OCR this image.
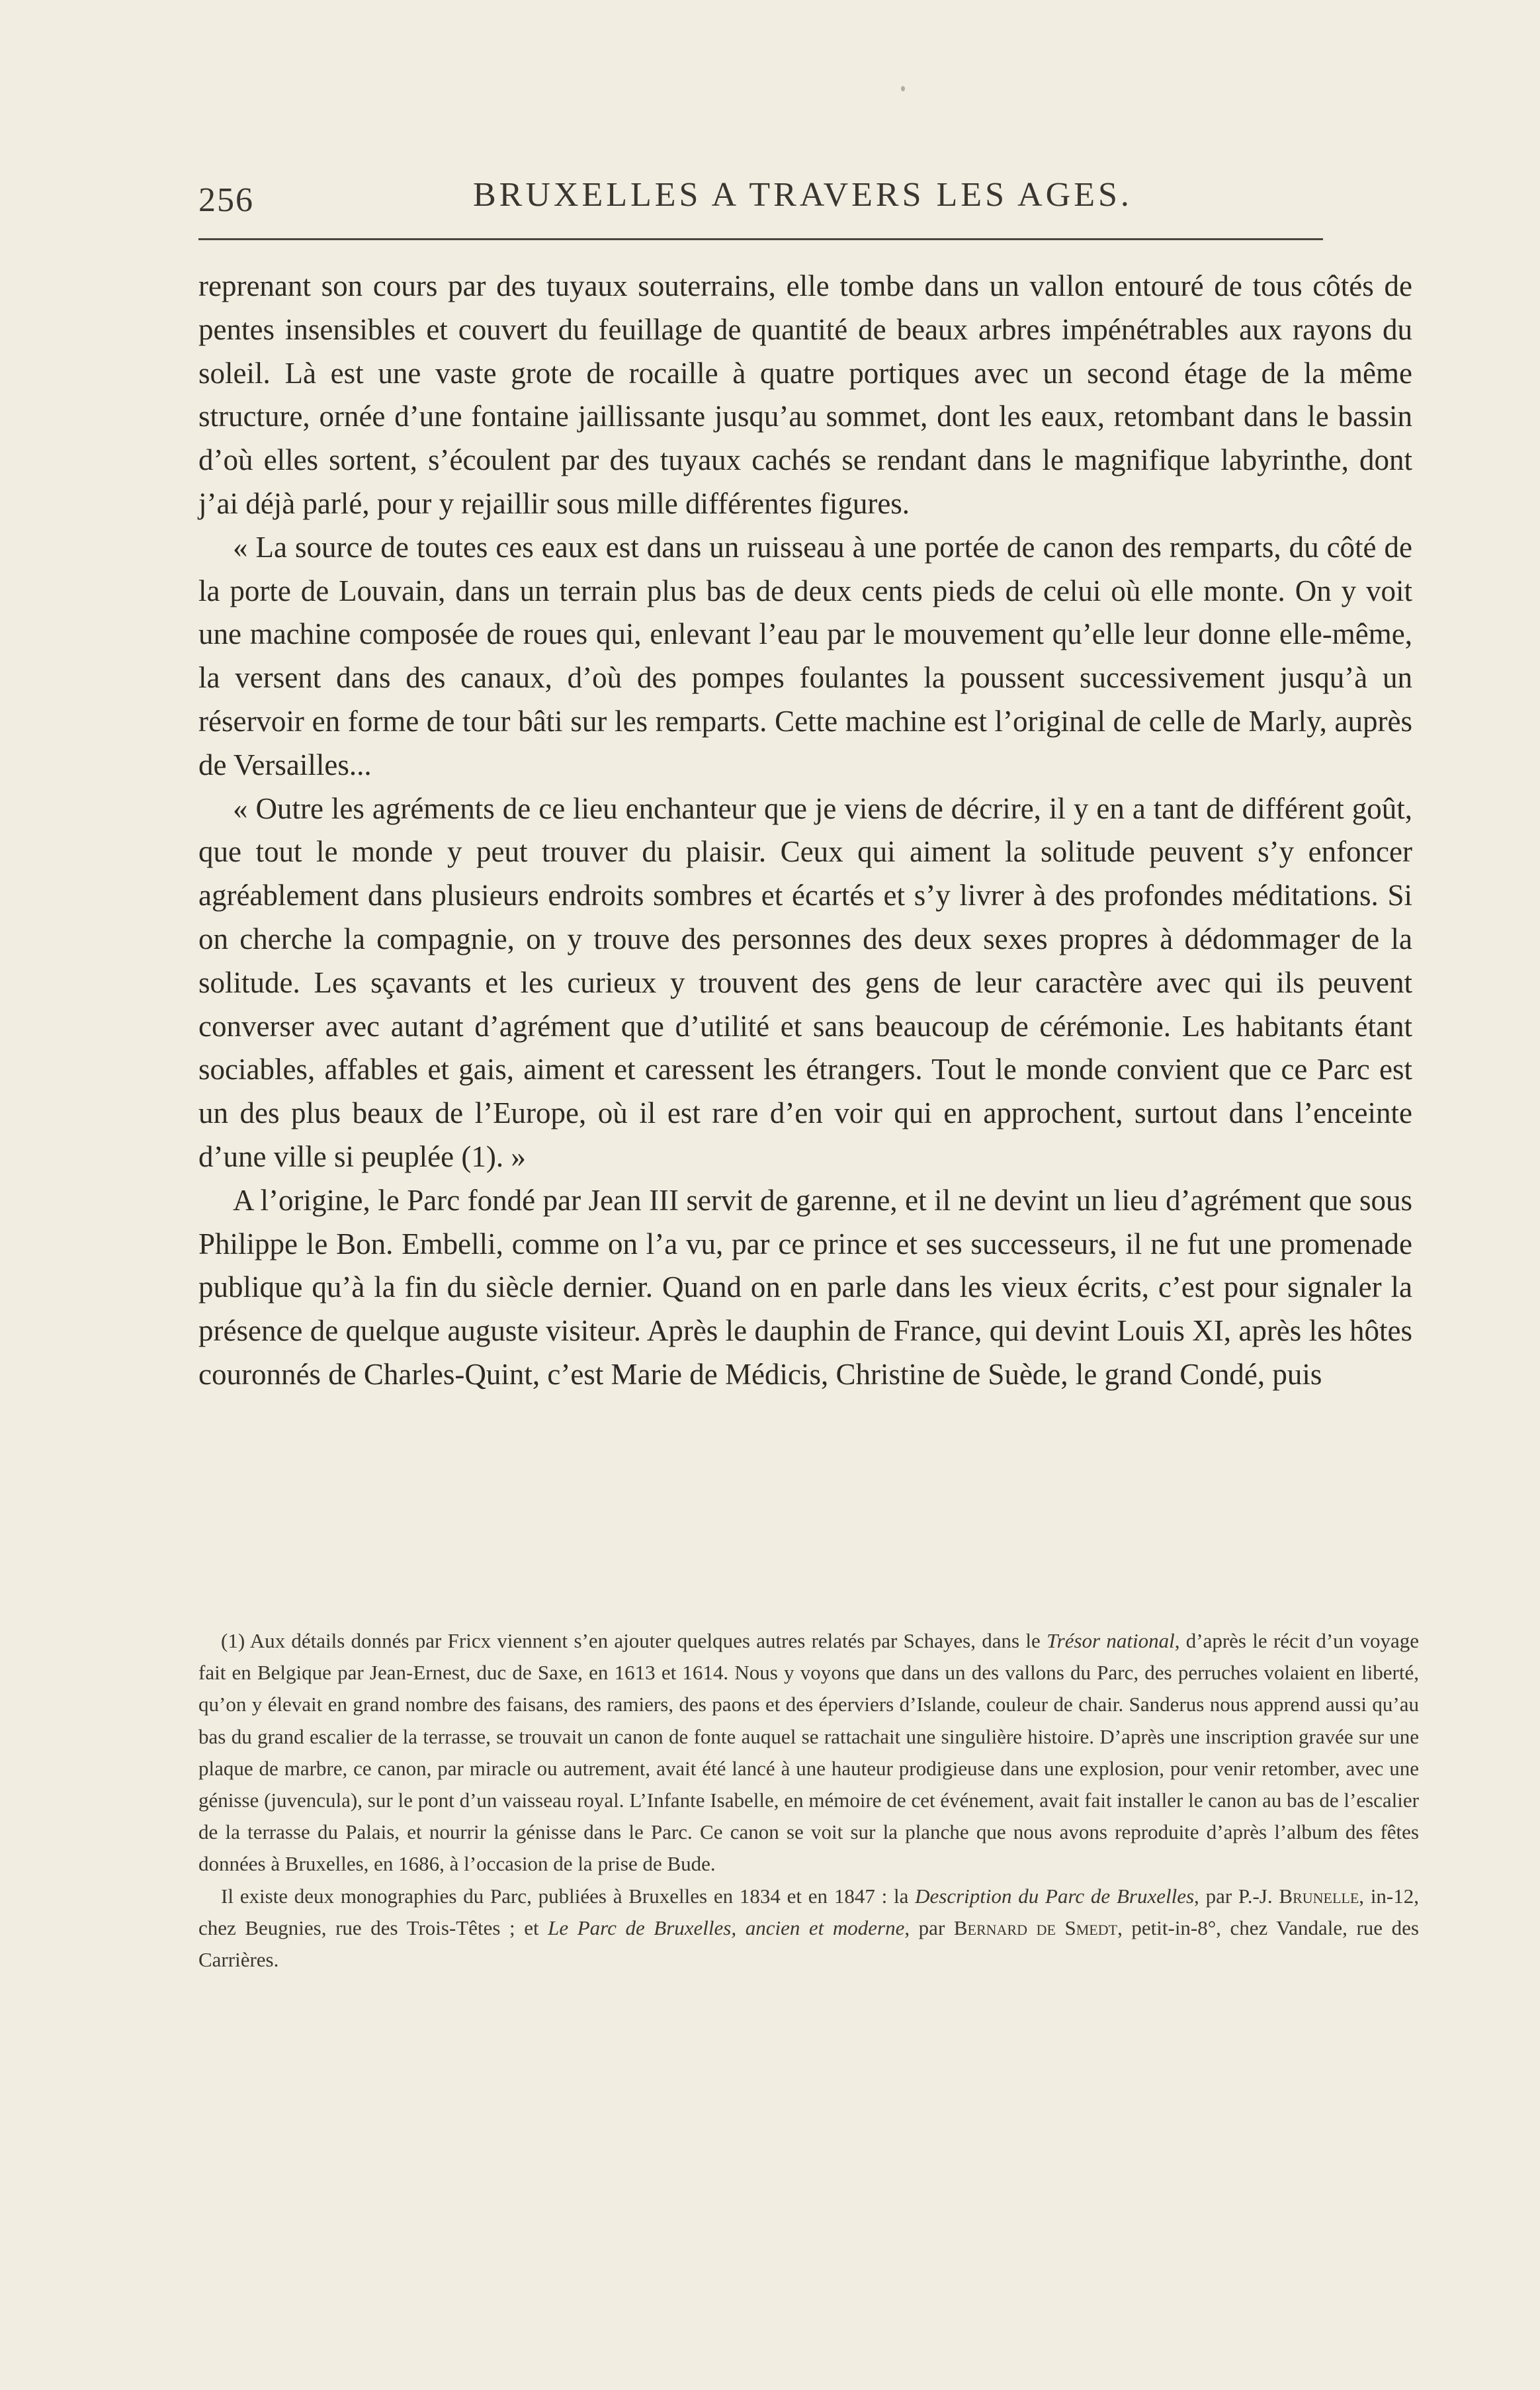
256	BRUXELLES A TRAVERS LES AGES.

reprenant son cours par des tuyaux souterrains, elle tombe dans un vallon entouré de tous côtés de pentes insensibles et couvert du feuillage de quantité de beaux arbres impénétrables aux rayons du soleil. Là est une vaste grote de rocaille à quatre portiques avec un second étage de la même structure, ornée d’une fontaine jaillissante jusqu’au sommet, dont les eaux, retombant dans le bassin d’où elles sortent, s’écoulent par des tuyaux cachés se rendant dans le magnifique labyrinthe, dont j’ai déjà parlé, pour y rejaillir sous mille différentes figures.

« La source de toutes ces eaux est dans un ruisseau à une portée de canon des remparts, du côté de la porte de Louvain, dans un terrain plus bas de deux cents pieds de celui où elle monte. On y voit une machine composée de roues qui, enlevant l’eau par le mouvement qu’elle leur donne elle-même, la versent dans des canaux, d’où des pompes foulantes la poussent successivement jusqu’à un réservoir en forme de tour bâti sur les remparts. Cette machine est l’original de celle de Marly, auprès de Versailles...

« Outre les agréments de ce lieu enchanteur que je viens de décrire, il y en a tant de différent goût, que tout le monde y peut trouver du plaisir. Ceux qui aiment la solitude peuvent s’y enfoncer agréablement dans plusieurs endroits sombres et écartés et s’y livrer à des profondes méditations. Si on cherche la compagnie, on y trouve des personnes des deux sexes propres à dédommager de la solitude. Les sçavants et les curieux y trouvent des gens de leur caractère avec qui ils peuvent converser avec autant d’agrément que d’utilité et sans beaucoup de cérémonie. Les habitants étant sociables, affables et gais, aiment et caressent les étrangers. Tout le monde convient que ce Parc est un des plus beaux de l’Europe, où il est rare d’en voir qui en approchent, surtout dans l’enceinte d’une ville si peuplée (1). »

A l’origine, le Parc fondé par Jean III servit de garenne, et il ne devint un lieu d’agrément que sous Philippe le Bon. Embelli, comme on l’a vu, par ce prince et ses successeurs, il ne fut une promenade publique qu’à la fin du siècle dernier. Quand on en parle dans les vieux écrits, c’est pour signaler la présence de quelque auguste visiteur. Après le dauphin de France, qui devint Louis XI, après les hôtes couronnés de Charles-Quint, c’est Marie de Médicis, Christine de Suède, le grand Condé, puis

(1) Aux détails donnés par Fricx viennent s’en ajouter quelques autres relatés par Schayes, dans le Trésor national, d’après le récit d’un voyage fait en Belgique par Jean-Ernest, duc de Saxe, en 1613 et 1614. Nous y voyons que dans un des vallons du Parc, des perruches volaient en liberté, qu’on y élevait en grand nombre des faisans, des ramiers, des paons et des éperviers d’Islande, couleur de chair. Sanderus nous apprend aussi qu’au bas du grand escalier de la terrasse, se trouvait un canon de fonte auquel se rattachait une singulière histoire. D’après une inscription gravée sur une plaque de marbre, ce canon, par miracle ou autrement, avait été lancé à une hauteur prodigieuse dans une explosion, pour venir retomber, avec une génisse (juvencula), sur le pont d’un vaisseau royal. L’Infante Isabelle, en mémoire de cet événement, avait fait installer le canon au bas de l’escalier de la terrasse du Palais, et nourrir la génisse dans le Parc. Ce canon se voit sur la planche que nous avons reproduite d’après l’album des fêtes données à Bruxelles, en 1686, à l’occasion de la prise de Bude.

Il existe deux monographies du Parc, publiées à Bruxelles en 1834 et en 1847 : la Description du Parc de Bruxelles, par P.-J. Brunelle, in-12, chez Beugnies, rue des Trois-Têtes ; et Le Parc de Bruxelles, ancien et moderne, par Bernard de Smedt, petit-in-8°, chez Vandale, rue des Carrières.
